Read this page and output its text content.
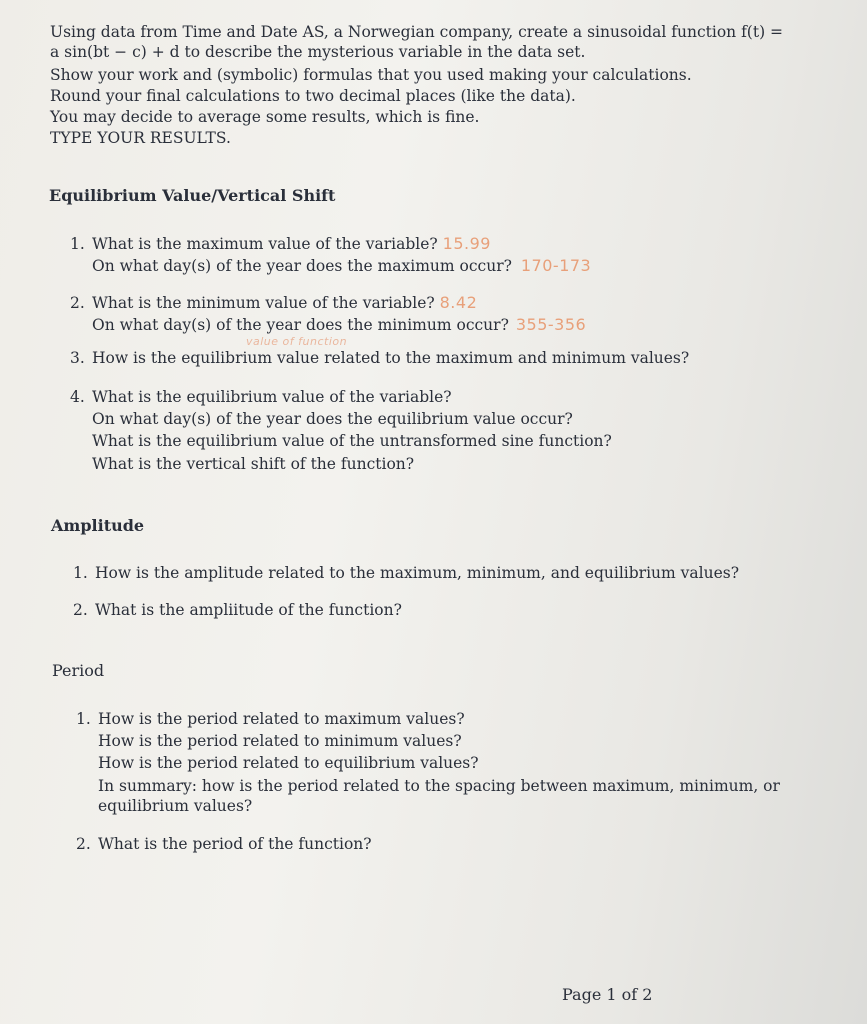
Using data from Time and Date AS, a Norwegian company, create a sinusoidal function f(t) =
a sin(bt − c) + d to describe the mysterious variable in the data set.
Show your work and (symbolic) formulas that you used making your calculations.
Round your final calculations to two decimal places (like the data).
You may decide to average some results, which is fine.
TYPE YOUR RESULTS.
Equilibrium Value/Vertical Shift
1. What is the maximum value of the variable? 15.99
On what day(s) of the year does the maximum occur? 170-173
2. What is the minimum value of the variable? 8.42
On what day(s) of the year does the minimum occur? 355-356
value of function
3. How is the equilibrium value related to the maximum and minimum values?
4. What is the equilibrium value of the variable?
On what day(s) of the year does the equilibrium value occur?
What is the equilibrium value of the untransformed sine function?
What is the vertical shift of the function?
Amplitude
1. How is the amplitude related to the maximum, minimum, and equilibrium values?
2. What is the ampliitude of the function?
Period
1. How is the period related to maximum values?
How is the period related to minimum values?
How is the period related to equilibrium values?
In summary: how is the period related to the spacing between maximum, minimum, or
equilibrium values?
2. What is the period of the function?
Page 1 of 2
